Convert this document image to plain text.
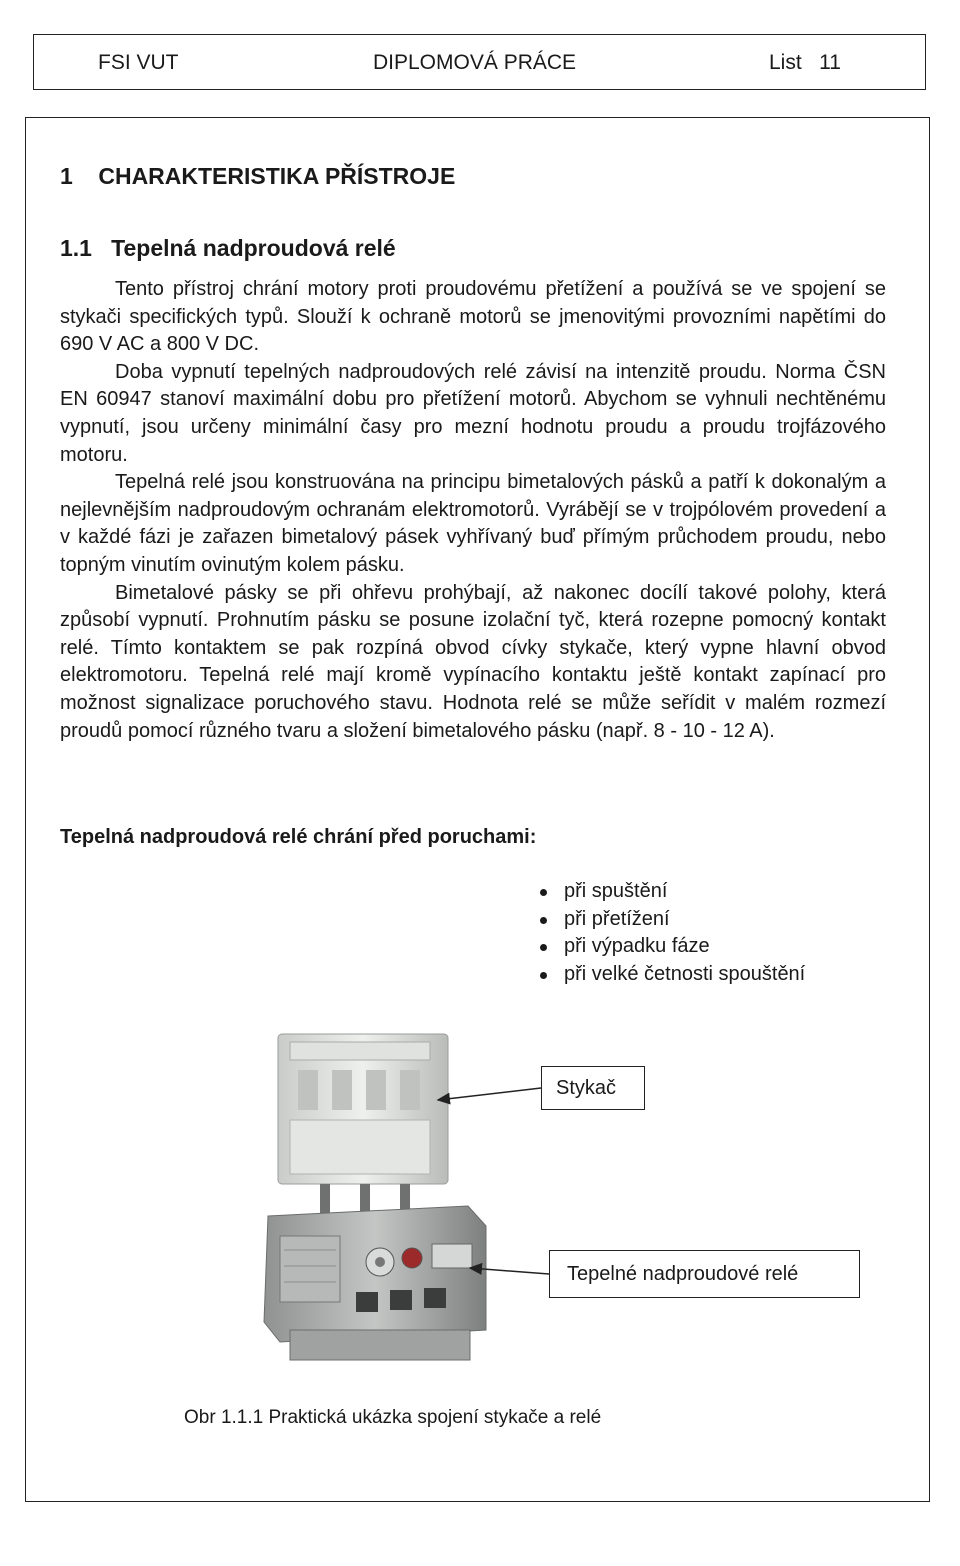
FSI VUT	DIPLOMOVÁ PRÁCE	List   11
1    CHARAKTERISTIKA PŘÍSTROJE
1.1   Tepelná nadproudová relé

Tento přístroj chrání motory proti proudovému přetížení a používá se ve spojení se stykači specifických typů. Slouží k ochraně motorů se jmenovitými provozními napětími do 690 V AC a 800 V DC.

Doba vypnutí tepelných nadproudových relé závisí na intenzitě proudu. Norma ČSN EN 60947 stanoví maximální dobu pro přetížení motorů. Abychom se vyhnuli nechtěnému vypnutí, jsou určeny minimální časy pro mezní hodnotu proudu a proudu trojfázového motoru.

Tepelná relé jsou konstruována na principu bimetalových pásků a patří k dokonalým a nejlevnějším nadproudovým ochranám elektromotorů. Vyrábějí se v trojpólovém provedení a v každé fázi je zařazen bimetalový pásek vyhřívaný buď přímým průchodem proudu, nebo topným vinutím ovinutým kolem pásku.

Bimetalové pásky se při ohřevu prohýbají, až nakonec docílí takové polohy, která způsobí vypnutí. Prohnutím pásku se posune izolační tyč, která rozepne pomocný kontakt relé. Tímto kontaktem se pak rozpíná obvod cívky stykače, který vypne hlavní obvod elektromotoru. Tepelná relé mají kromě vypínacího kontaktu ještě kontakt zapínací pro možnost signalizace poruchového stavu. Hodnota relé se může seřídit v malém rozmezí proudů pomocí různého tvaru a složení bimetalového pásku (např. 8 - 10 - 12 A).

Tepelná nadproudová relé chrání před poruchami:
při spuštění
při přetížení
při výpadku fáze
při velké četnosti spouštění
Stykač
Tepelné nadproudové relé
Obr 1.1.1 Praktická ukázka spojení stykače a relé
